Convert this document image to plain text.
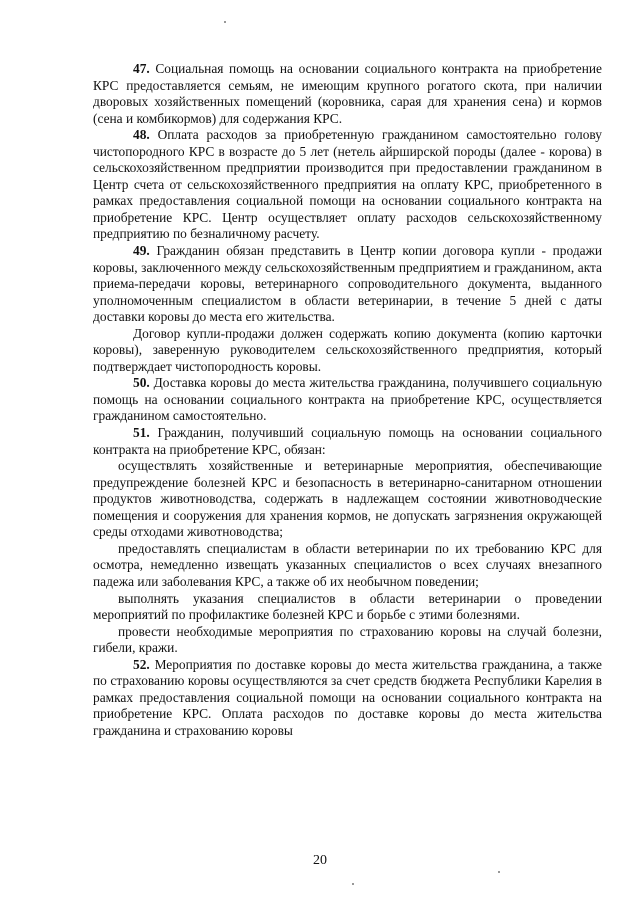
47. Социальная помощь на основании социального контракта на приобретение КРС предоставляется семьям, не имеющим крупного рогатого скота, при наличии дворовых хозяйственных помещений (коровника, сарая для хранения сена) и кормов (сена и комбикормов) для содержания КРС.

48. Оплата расходов за приобретенную гражданином самостоятельно голову чистопородного КРС в возрасте до 5 лет (нетель айрширской породы (далее - корова) в сельскохозяйственном предприятии производится при предоставлении гражданином в Центр счета от сельскохозяйственного предприятия на оплату КРС, приобретенного в рамках предоставления социальной помощи на основании социального контракта на приобретение КРС. Центр осуществляет оплату расходов сельскохозяйственному предприятию по безналичному расчету.

49. Гражданин обязан представить в Центр копии договора купли - продажи коровы, заключенного между сельскохозяйственным предприятием и гражданином, акта приема-передачи коровы, ветеринарного сопроводительного документа, выданного уполномоченным специалистом в области ветеринарии, в течение 5 дней с даты доставки коровы до места его жительства.

Договор купли-продажи должен содержать копию документа (копию карточки коровы), заверенную руководителем сельскохозяйственного предприятия, который подтверждает чистопородность коровы.

50. Доставка коровы до места жительства гражданина, получившего социальную помощь на основании социального контракта на приобретение КРС, осуществляется гражданином самостоятельно.

51. Гражданин, получивший социальную помощь на основании социального контракта на приобретение КРС, обязан:

осуществлять хозяйственные и ветеринарные мероприятия, обеспечивающие предупреждение болезней КРС и безопасность в ветеринарно-санитарном отношении продуктов животноводства, содержать в надлежащем состоянии животноводческие помещения и сооружения для хранения кормов, не допускать загрязнения окружающей среды отходами животноводства;

предоставлять специалистам в области ветеринарии по их требованию КРС для осмотра, немедленно извещать указанных специалистов о всех случаях внезапного падежа или заболевания КРС, а также об их необычном поведении;

выполнять указания специалистов в области ветеринарии о проведении мероприятий по профилактике болезней КРС и борьбе с этими болезнями.

провести необходимые мероприятия по страхованию коровы на случай болезни, гибели, кражи.

52. Мероприятия по доставке коровы до места жительства гражданина, а также по страхованию коровы осуществляются за счет средств бюджета Республики Карелия в рамках предоставления социальной помощи на основании социального контракта на приобретение КРС. Оплата расходов по доставке коровы до места жительства гражданина и страхованию коровы

20
